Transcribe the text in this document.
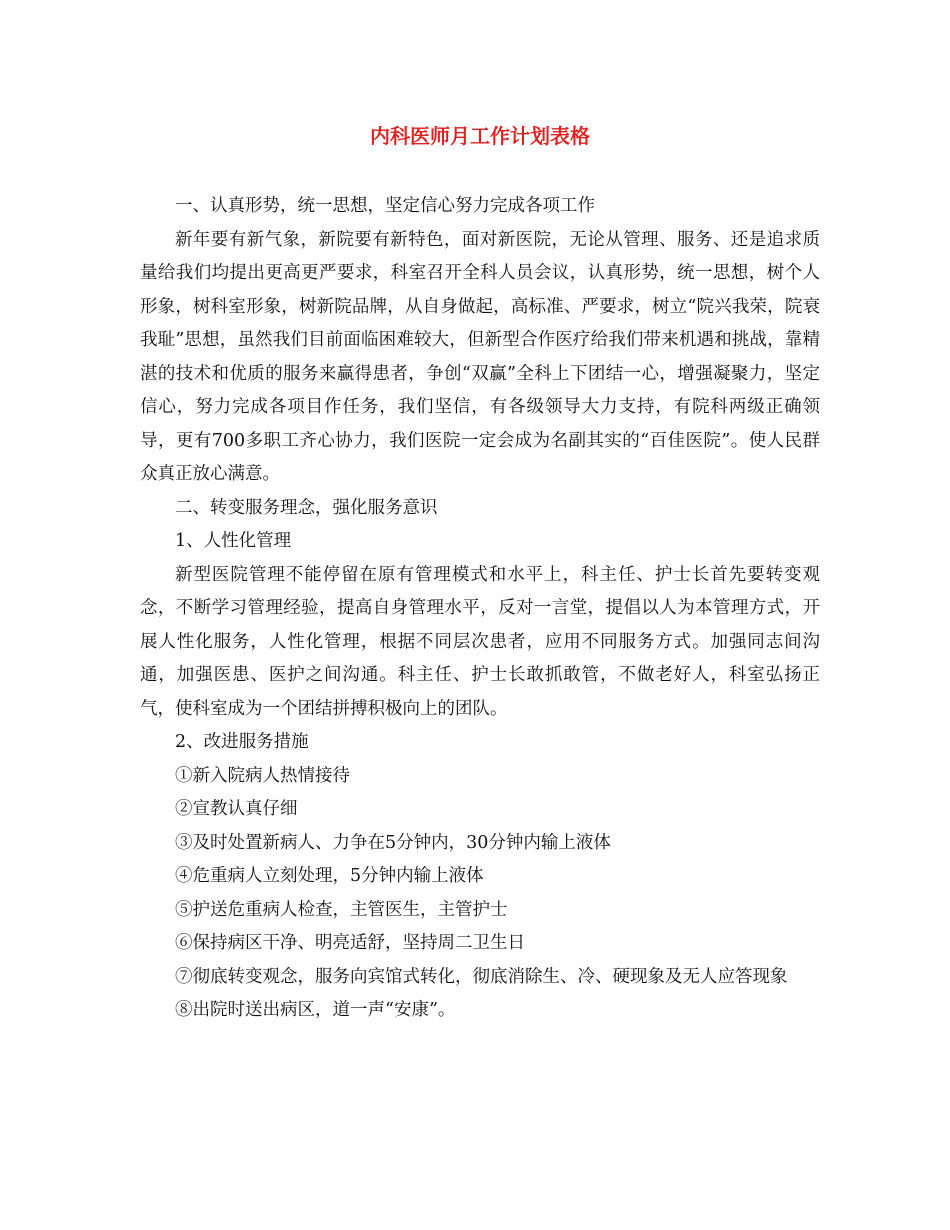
内科医师月工作计划表格

一、认真形势，统一思想，坚定信心努力完成各项工作

新年要有新气象，新院要有新特色，面对新医院，无论从管理、服务、还是追求质量给我们均提出更高更严要求，科室召开全科人员会议，认真形势，统一思想，树个人形象，树科室形象，树新院品牌，从自身做起，高标准、严要求，树立“院兴我荣，院衰我耻”思想，虽然我们目前面临困难较大，但新型合作医疗给我们带来机遇和挑战，靠精湛的技术和优质的服务来赢得患者，争创“双赢”全科上下团结一心，增强凝聚力，坚定信心，努力完成各项目作任务，我们坚信，有各级领导大力支持，有院科两级正确领导，更有700多职工齐心协力，我们医院一定会成为名副其实的“百佳医院”。使人民群众真正放心满意。

二、转变服务理念，强化服务意识

1、人性化管理

新型医院管理不能停留在原有管理模式和水平上，科主任、护士长首先要转变观念，不断学习管理经验，提高自身管理水平，反对一言堂，提倡以人为本管理方式，开展人性化服务，人性化管理，根据不同层次患者，应用不同服务方式。加强同志间沟通，加强医患、医护之间沟通。科主任、护士长敢抓敢管，不做老好人，科室弘扬正气，使科室成为一个团结拼搏积极向上的团队。

2、改进服务措施

①新入院病人热情接待

②宣教认真仔细

③及时处置新病人、力争在5分钟内，30分钟内输上液体

④危重病人立刻处理，5分钟内输上液体

⑤护送危重病人检查，主管医生，主管护士

⑥保持病区干净、明亮适舒，坚持周二卫生日

⑦彻底转变观念，服务向宾馆式转化，彻底消除生、冷、硬现象及无人应答现象

⑧出院时送出病区，道一声“安康”。
